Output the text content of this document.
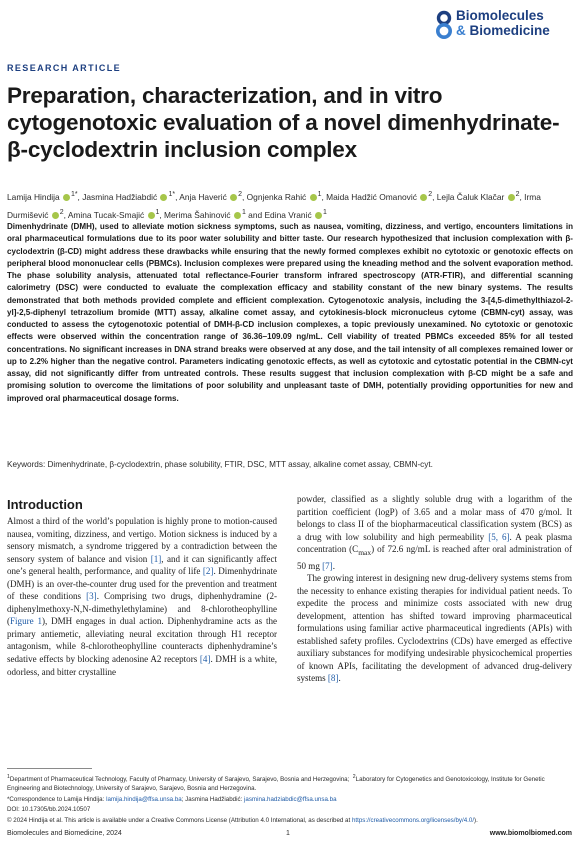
Biomolecules
& Biomedicine
RESEARCH ARTICLE
Preparation, characterization, and in vitro cytogenotoxic evaluation of a novel dimenhydrinate-β-cyclodextrin inclusion complex
Lamija Hindija $^{1*}$, Jasmina Hadžiabdić $^{1*}$, Anja Haverić $^2$, Ognjenka Rahić $^1$, Maida Hadžić Omanović $^2$, Lejla Čaluk Klačar $^2$, Irma Durmišević $^2$, Amina Tucak-Smajić $^1$, Merima Šahinović $^1$ and Edina Vranić $^1$
Dimenhydrinate (DMH), used to alleviate motion sickness symptoms, such as nausea, vomiting, dizziness, and vertigo, encounters limitations in oral pharmaceutical formulations due to its poor water solubility and bitter taste. Our research hypothesized that inclusion complexation with β-cyclodextrin (β-CD) might address these drawbacks while ensuring that the newly formed complexes exhibit no cytotoxic or genotoxic effects on peripheral blood mononuclear cells (PBMCs). Inclusion complexes were prepared using the kneading method and the solvent evaporation method. The phase solubility analysis, attenuated total reflectance-Fourier transform infrared spectroscopy (ATR-FTIR), and differential scanning calorimetry (DSC) were conducted to evaluate the complexation efficacy and stability constant of the new binary systems. The results demonstrated that both methods provided complete and efficient complexation. Cytogenotoxic analysis, including the 3-[4,5-dimethylthiazol-2-yl]-2,5-diphenyl tetrazolium bromide (MTT) assay, alkaline comet assay, and cytokinesis-block micronucleus cytome (CBMN-cyt) assay, was conducted to assess the cytogenotoxic potential of DMH-β-CD inclusion complexes, a topic previously unexamined. No cytotoxic or genotoxic effects were observed within the concentration range of 36.36–109.09 ng/mL. Cell viability of treated PBMCs exceeded 85% for all tested concentrations. No significant increases in DNA strand breaks were observed at any dose, and the tail intensity of all complexes remained lower or up to 2.2% higher than the negative control. Parameters indicating genotoxic effects, as well as cytotoxic and cytostatic potential in the CBMN-cyt assay, did not significantly differ from untreated controls. These results suggest that inclusion complexation with β-CD might be a safe and promising solution to overcome the limitations of poor solubility and unpleasant taste of DMH, potentially providing opportunities for new and improved oral pharmaceutical dosage forms.
Keywords: Dimenhydrinate, β-cyclodextrin, phase solubility, FTIR, DSC, MTT assay, alkaline comet assay, CBMN-cyt.
Introduction

Almost a third of the world’s population is highly prone to motion-caused nausea, vomiting, dizziness, and vertigo. Motion sickness is induced by a sensory mismatch, a syndrome triggered by a contradiction between the sensory system of balance and vision [1], and it can significantly affect one’s general health, performance, and quality of life [2]. Dimenhydrinate (DMH) is an over-the-counter drug used for the prevention and treatment of these conditions [3]. Comprising two drugs, diphenhydramine (2-diphenylmethoxy-N,N-dimethylethylamine) and 8-chlorotheophylline (Figure 1), DMH engages in dual action. Diphenhydramine acts as the primary antiemetic, alleviating neural excitation through H1 receptor antagonism, while 8-chlorotheophylline counteracts diphenhydramine’s sedative effects by blocking adenosine A2 receptors [4]. DMH is a white, odorless, and bitter crystalline

powder, classified as a slightly soluble drug with a logarithm of the partition coefficient (logP) of 3.65 and a molar mass of 470 g/mol. It belongs to class II of the biopharmaceutical classification system (BCS) as a drug with low solubility and high permeability [5, 6]. A peak plasma concentration $(C_{max})$ of 72.6 ng/mL is reached after oral administration of 50 mg [7].

The growing interest in designing new drug-delivery systems stems from the necessity to enhance existing therapies for individual patient needs. To expedite the process and minimize costs associated with new drug development, attention has shifted toward improving pharmaceutical formulations using familiar active pharmaceutical ingredients (APIs) with established safety profiles. Cyclodextrins (CDs) have emerged as effective auxiliary substances for modifying undesirable physicochemical properties of known APIs, facilitating the development of advanced drug-delivery systems [8].

$^1$Department of Pharmaceutical Technology, Faculty of Pharmacy, University of Sarajevo, Sarajevo, Bosnia and Herzegovina; $^2$Laboratory for Cytogenetics and Genotoxicology, Institute for Genetic Engineering and Biotechnology, University of Sarajevo, Sarajevo, Bosnia and Herzegovina.
*Correspondence to Lamija Hindija: lamija.hindija@ffsa.unsa.ba; Jasmina Hadžiabdić: jasmina.hadziabdic@ffsa.unsa.ba
DOI: 10.17305/bb.2024.10507
© 2024 Hindija et al. This article is available under a Creative Commons License (Attribution 4.0 International, as described at https://creativecommons.org/licenses/by/4.0/).
Biomolecules and Biomedicine, 2024	1	www.biomolbiomed.com
